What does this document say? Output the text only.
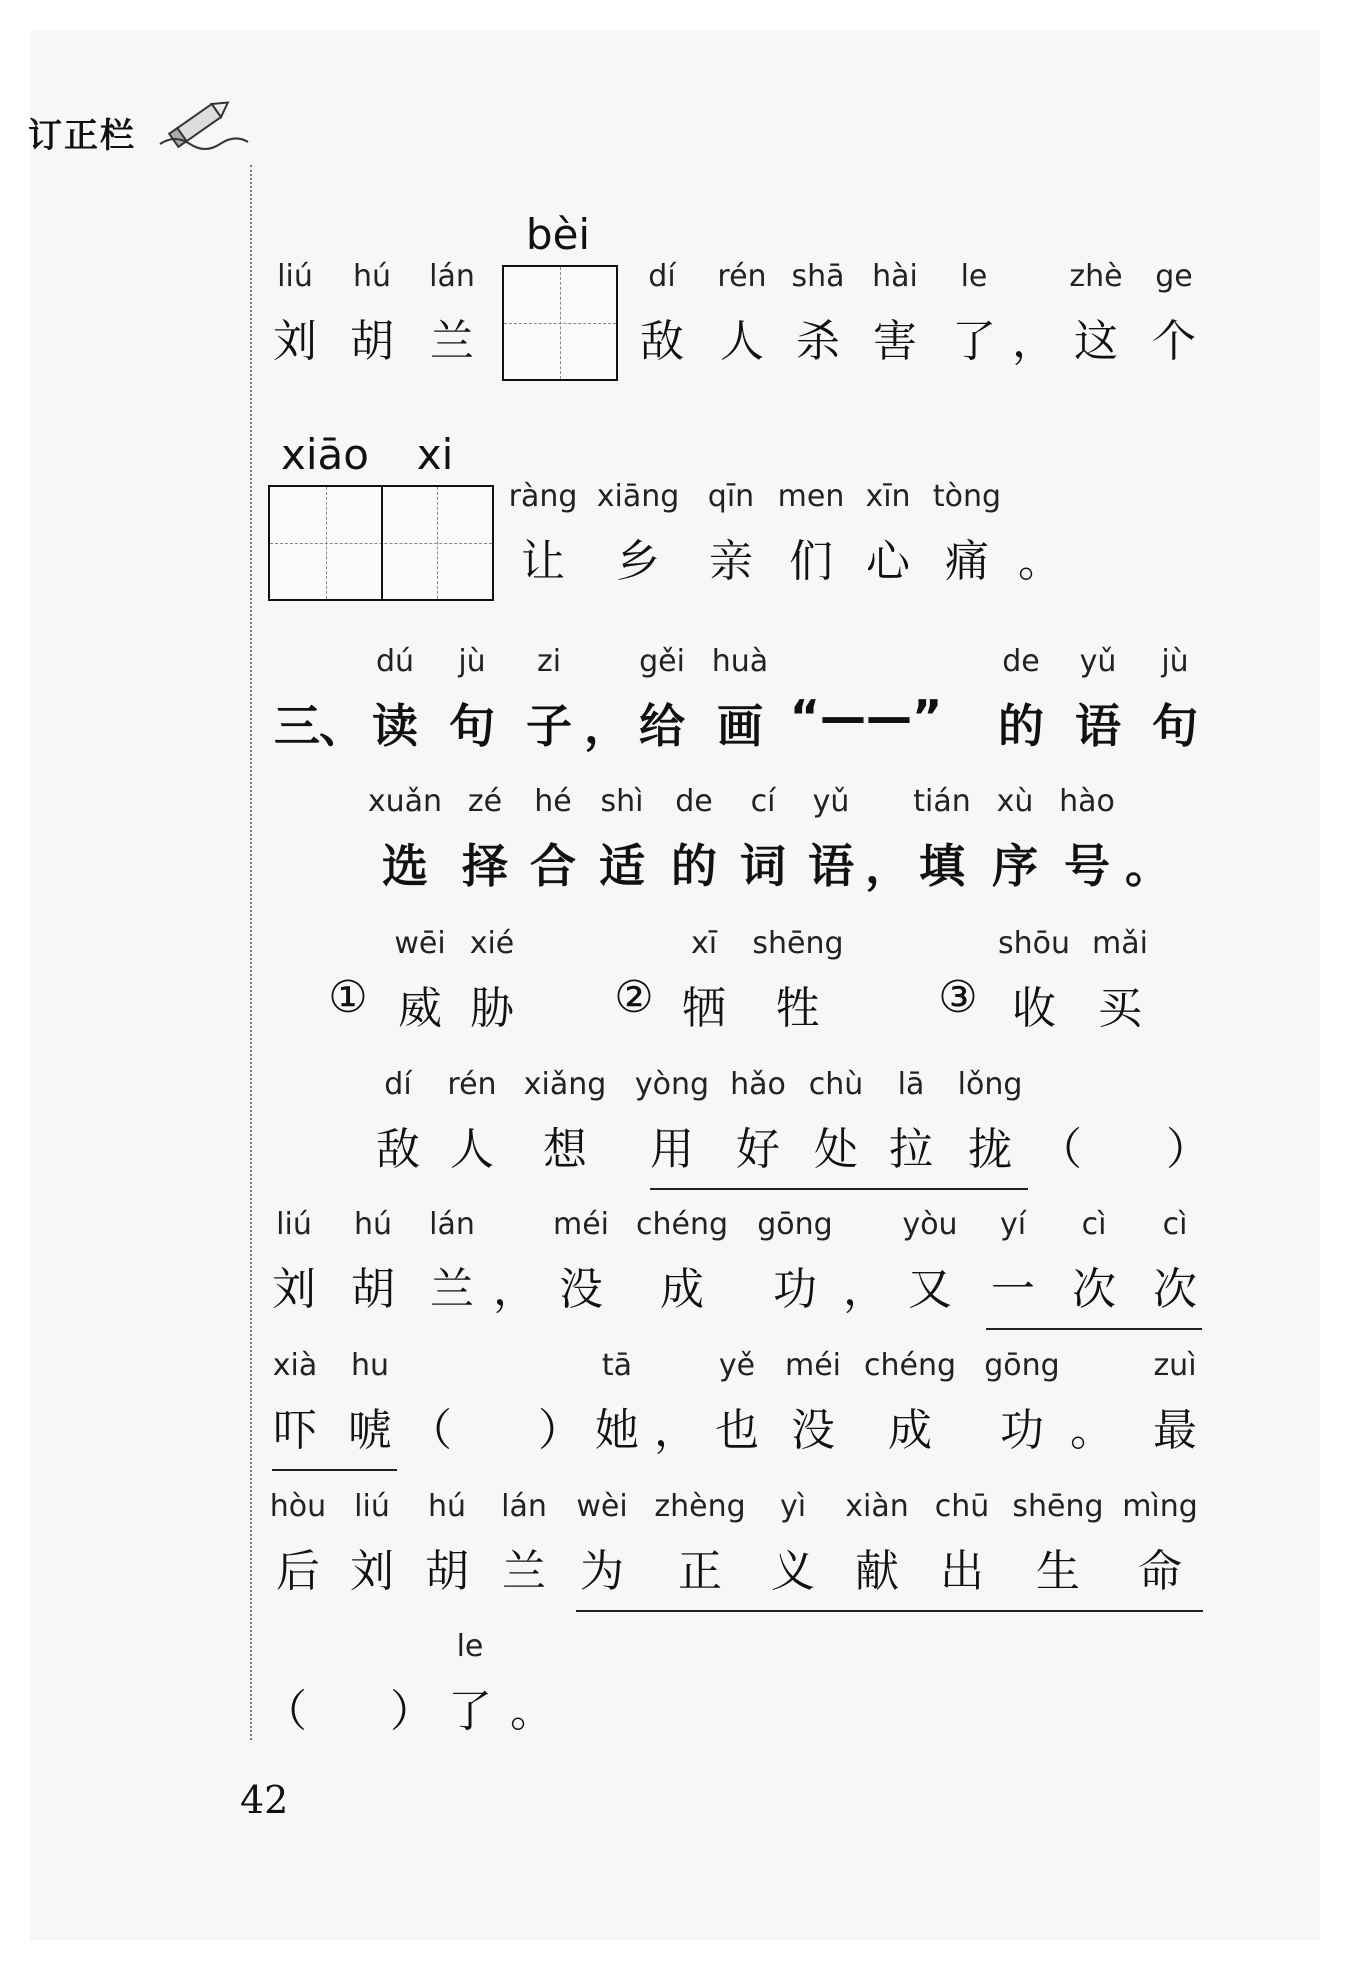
订正栏
bèi
liú
刘
hú
胡
lán
兰
dí
敌
rén
人
shā
杀
hài
害
le
了 ，
zhè
这
ge
个
xiāo	xi
ràng
让
xiāng
乡
qīn
亲
men
们
xīn
心
tòng
痛 。
三 、
dú
读
jù
句
zi
子 ，
gěi
给
huà
画 “——”
de
的
yǔ
语
jù
句
xuǎn
选
zé
择
hé
合
shì
适
de
的
cí
词
yǔ
语 ，
tián
填
xù
序
hào
号 。
①
wēi
威
xié
胁	②
xī
牺
shēng
牲	③
shōu
收
mǎi
买
dí
敌
rén
人
xiǎng
想
yòng
用
hǎo
好
chù
处
lā
拉
lǒng
拢 （	）
liú
刘
hú
胡
lán
兰 ，
méi
没
chéng
成
gōng
功 ，
yòu
又
yí
一
cì
次
cì
次
xià
吓
hu
唬 （	）
tā
她 ，
yě
也
méi
没
chéng
成
gōng
功 。
zuì
最
hòu
后
liú
刘
hú
胡
lán
兰
wèi
为
zhèng
正
yì
义
xiàn
献
chū
出
shēng
生
mìng
命
（	）
le
了 。
42
